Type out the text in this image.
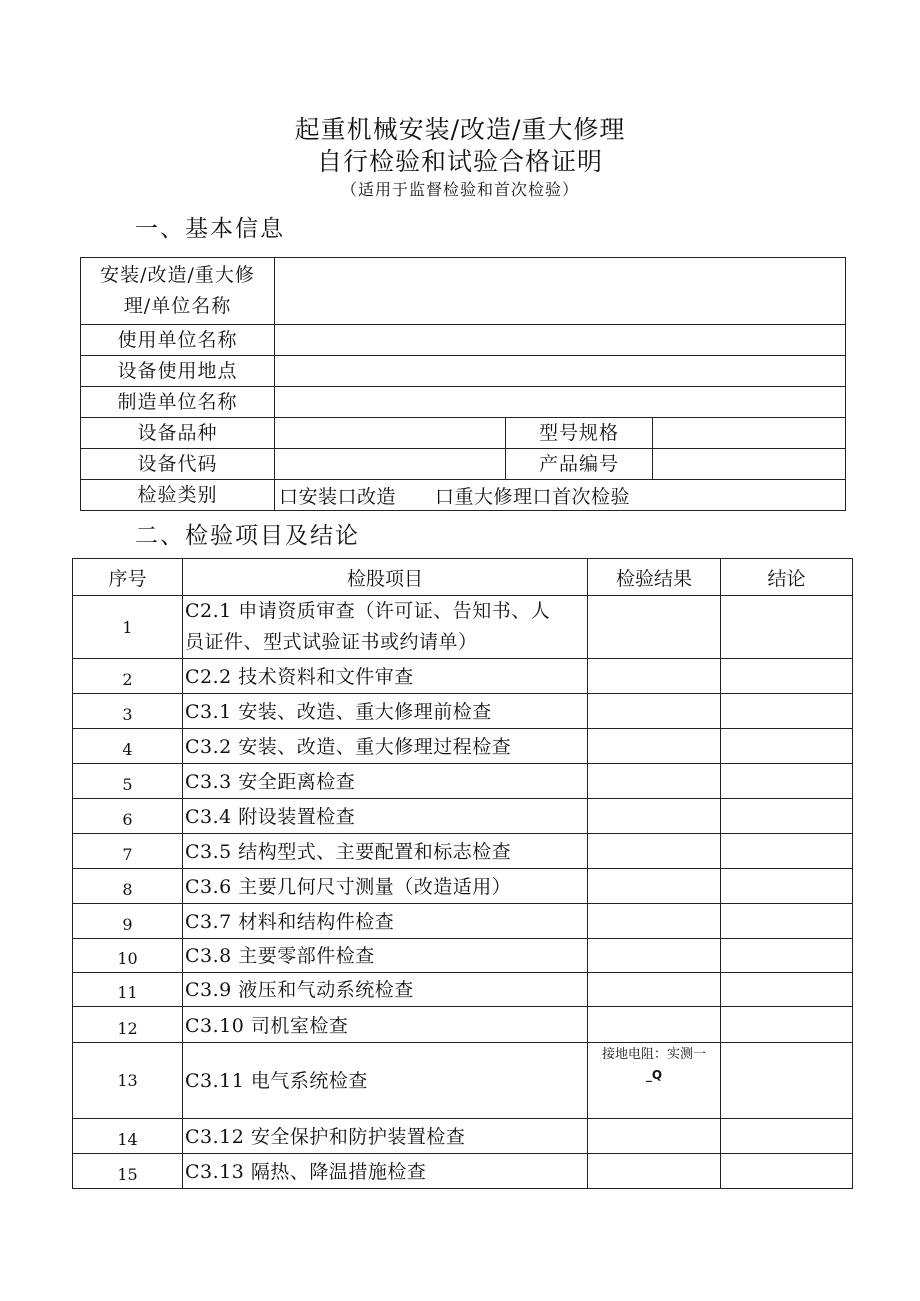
起重机械安装/改造/重大修理
自行检验和试验合格证明
（适用于监督检验和首次检验）
一、基本信息
安装/改造/重大修
理/单位名称			

使用单位名称			
设备使用地点			
制造单位名称			
设备品种		型号规格	
设备代码		产品编号	
检验类别	口安装口改造　　口重大修理口首次检验		
二、检验项目及结论
序号	检股项目	检验结果	结论
1	C2.1 申请资质审查（许可证、告知书、人
员证件、型式试验证书或约请单）		

2	C2.2 技术资料和文件审查		
3	C3.1 安装、改造、重大修理前检查		
4	C3.2 安装、改造、重大修理过程检查		
5	C3.3 安全距离检查		
6	C3.4 附设装置检查		
7	C3.5 结构型式、主要配置和标志检查		
8	C3.6 主要几何尺寸测量（改造适用）		
9	C3.7 材料和结构件检查		
10	C3.8 主要零部件检查		
11	C3.9 液压和气动系统检查		
12	C3.10 司机室检查		
13	C3.11 电气系统检查	接地电阻：实测一
_Q	

14	C3.12 安全保护和防护装置检查		
15	C3.13 隔热、降温措施检查		
